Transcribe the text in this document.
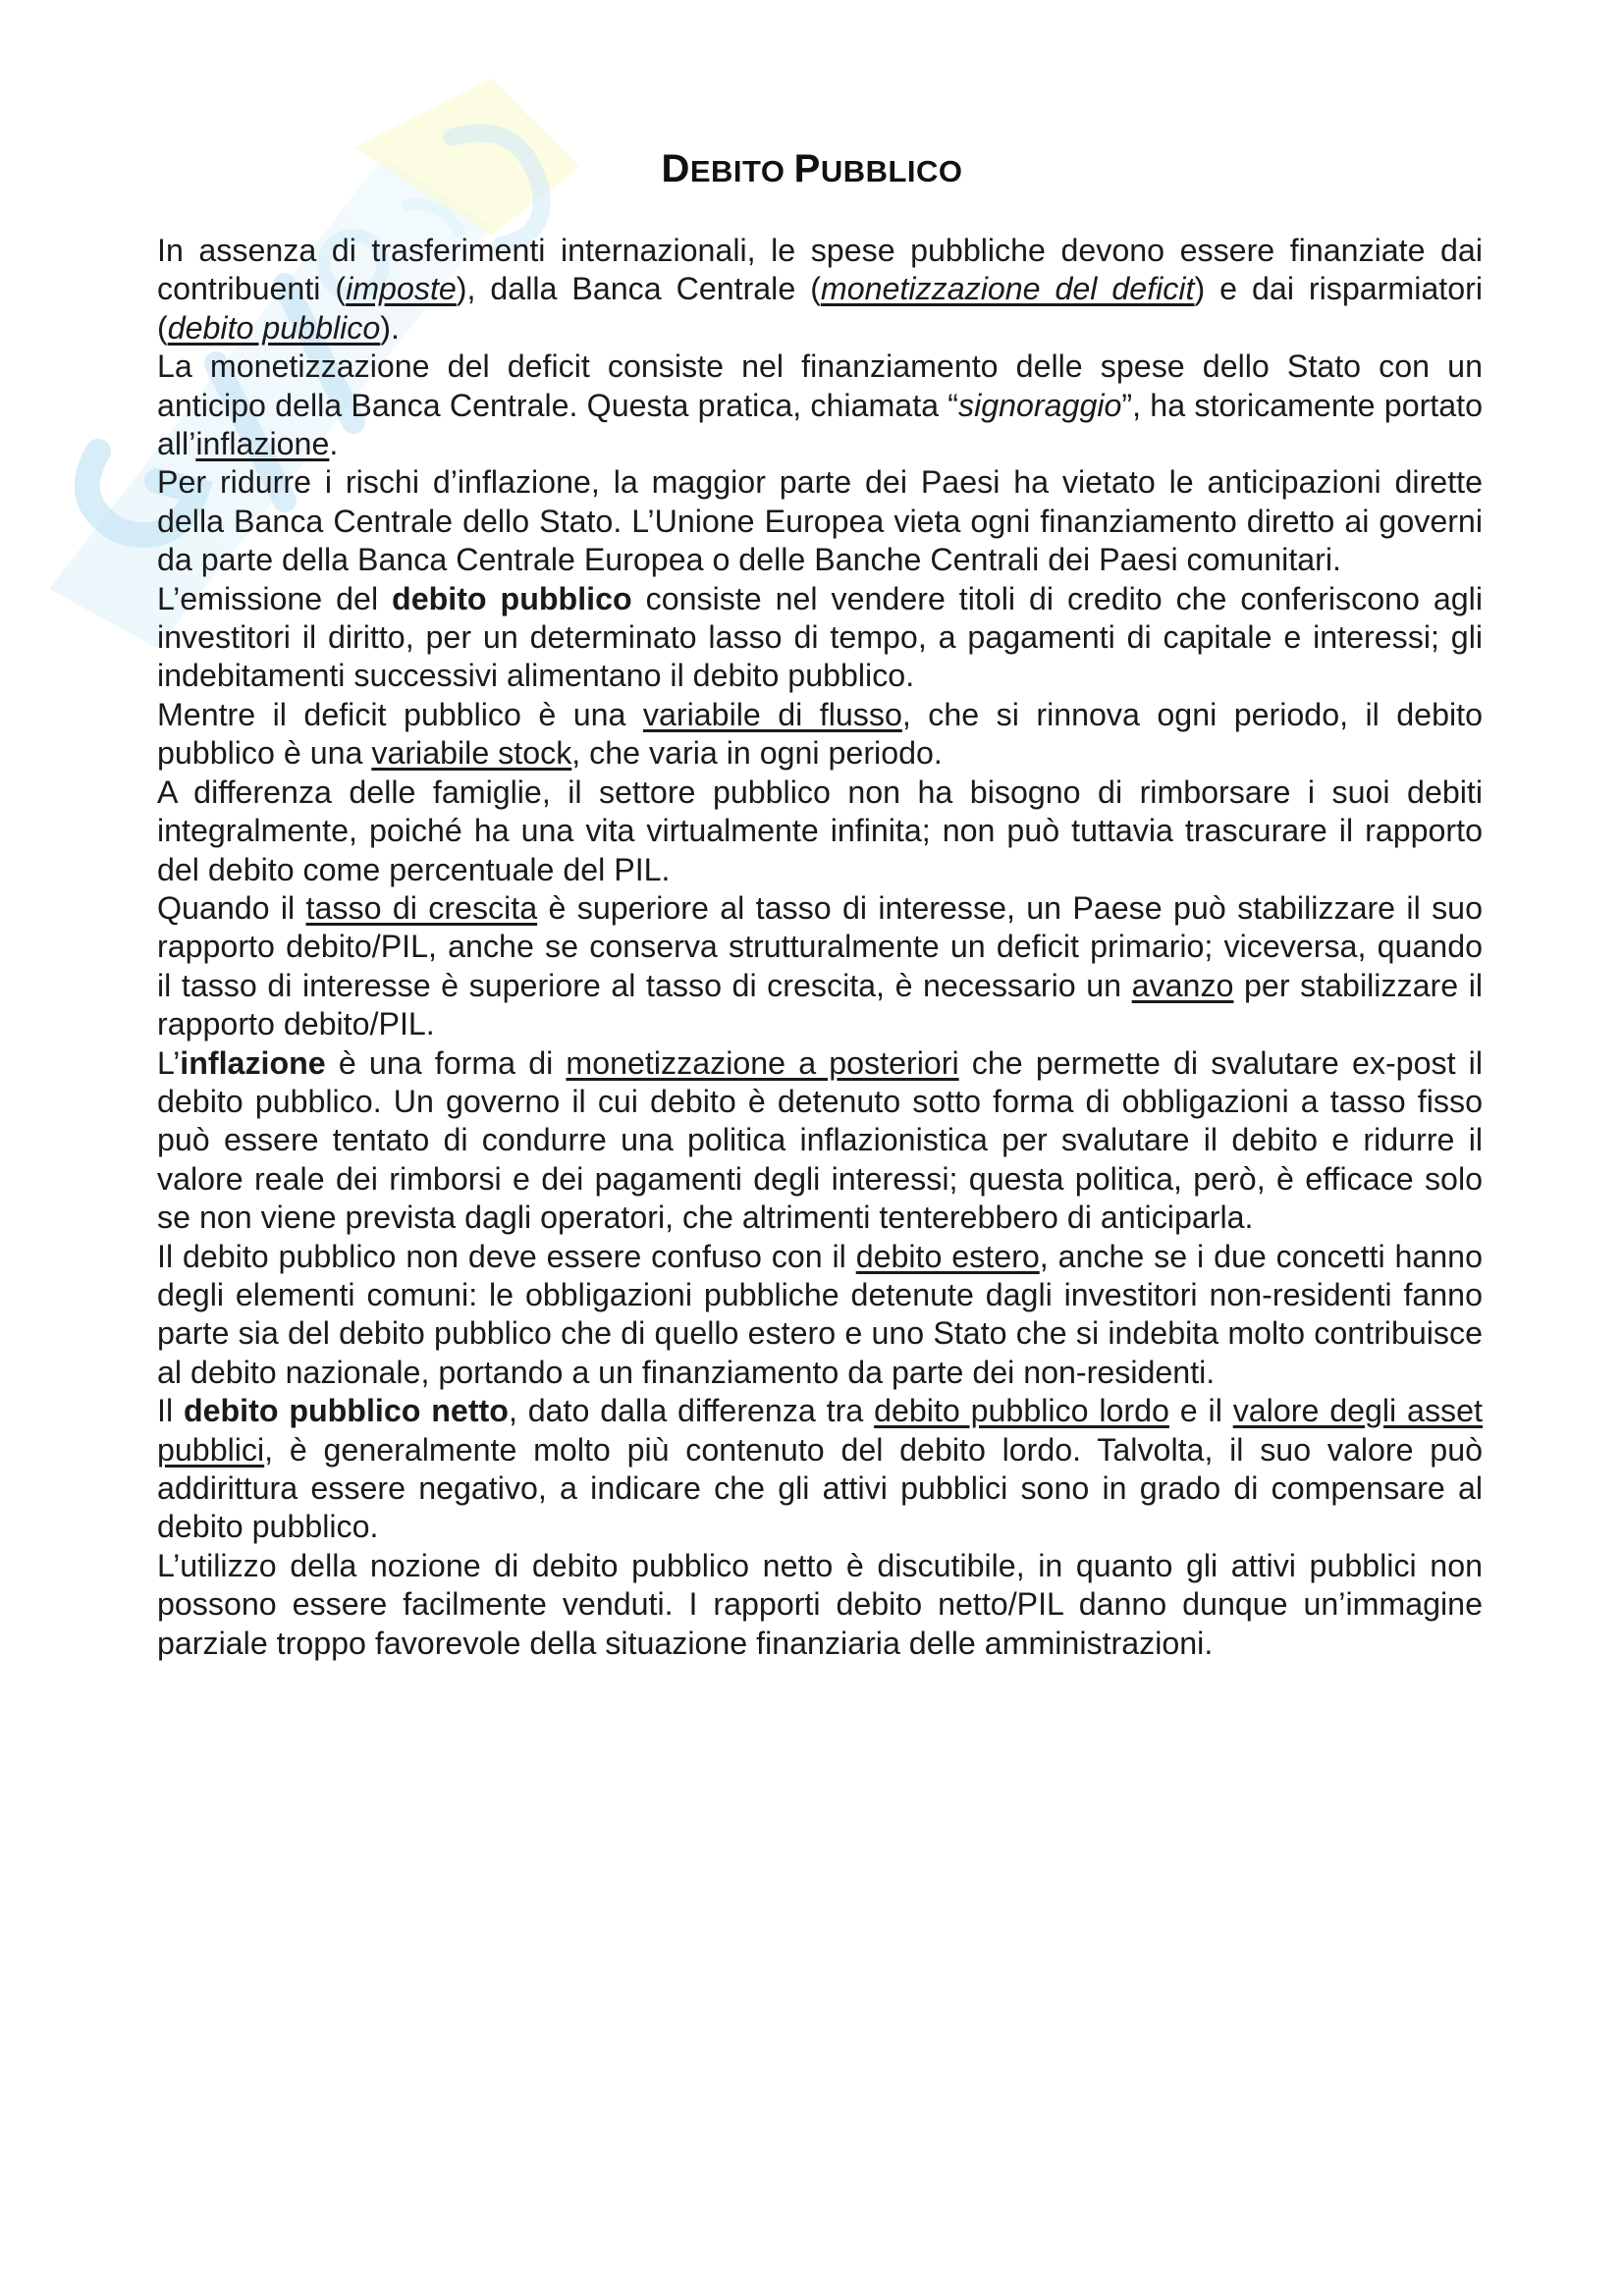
DEBITO PUBBLICO

In assenza di trasferimenti internazionali, le spese pubbliche devono essere finanziate dai contribuenti (imposte), dalla Banca Centrale (monetizzazione del deficit) e dai risparmiatori (debito pubblico).

La monetizzazione del deficit consiste nel finanziamento delle spese dello Stato con un anticipo della Banca Centrale. Questa pratica, chiamata “signoraggio”, ha storicamente portato all’inflazione.

Per ridurre i rischi d’inflazione, la maggior parte dei Paesi ha vietato le anticipazioni dirette della Banca Centrale dello Stato. L’Unione Europea vieta ogni finanziamento diretto ai governi da parte della Banca Centrale Europea o delle Banche Centrali dei Paesi comunitari.

L’emissione del debito pubblico consiste nel vendere titoli di credito che conferiscono agli investitori il diritto, per un determinato lasso di tempo, a pagamenti di capitale e interessi; gli indebitamenti successivi alimentano il debito pubblico.

Mentre il deficit pubblico è una variabile di flusso, che si rinnova ogni periodo, il debito pubblico è una variabile stock, che varia in ogni periodo.

A differenza delle famiglie, il settore pubblico non ha bisogno di rimborsare i suoi debiti integralmente, poiché ha una vita virtualmente infinita; non può tuttavia trascurare il rapporto del debito come percentuale del PIL.

Quando il tasso di crescita è superiore al tasso di interesse, un Paese può stabilizzare il suo rapporto debito/PIL, anche se conserva strutturalmente un deficit primario; viceversa, quando il tasso di interesse è superiore al tasso di crescita, è necessario un avanzo per stabilizzare il rapporto debito/PIL.

L’inflazione è una forma di monetizzazione a posteriori che permette di svalutare ex-post il debito pubblico. Un governo il cui debito è detenuto sotto forma di obbligazioni a tasso fisso può essere tentato di condurre una politica inflazionistica per svalutare il debito e ridurre il valore reale dei rimborsi e dei pagamenti degli interessi; questa politica, però, è efficace solo se non viene prevista dagli operatori, che altrimenti tenterebbero di anticiparla.

Il debito pubblico non deve essere confuso con il debito estero, anche se i due concetti hanno degli elementi comuni: le obbligazioni pubbliche detenute dagli investitori non-residenti fanno parte sia del debito pubblico che di quello estero e uno Stato che si indebita molto contribuisce al debito nazionale, portando a un finanziamento da parte dei non-residenti.

Il debito pubblico netto, dato dalla differenza tra debito pubblico lordo e il valore degli asset pubblici, è generalmente molto più contenuto del debito lordo. Talvolta, il suo valore può addirittura essere negativo, a indicare che gli attivi pubblici sono in grado di compensare al debito pubblico.

L’utilizzo della nozione di debito pubblico netto è discutibile, in quanto gli attivi pubblici non possono essere facilmente venduti. I rapporti debito netto/PIL danno dunque un’immagine parziale troppo favorevole della situazione finanziaria delle amministrazioni.
